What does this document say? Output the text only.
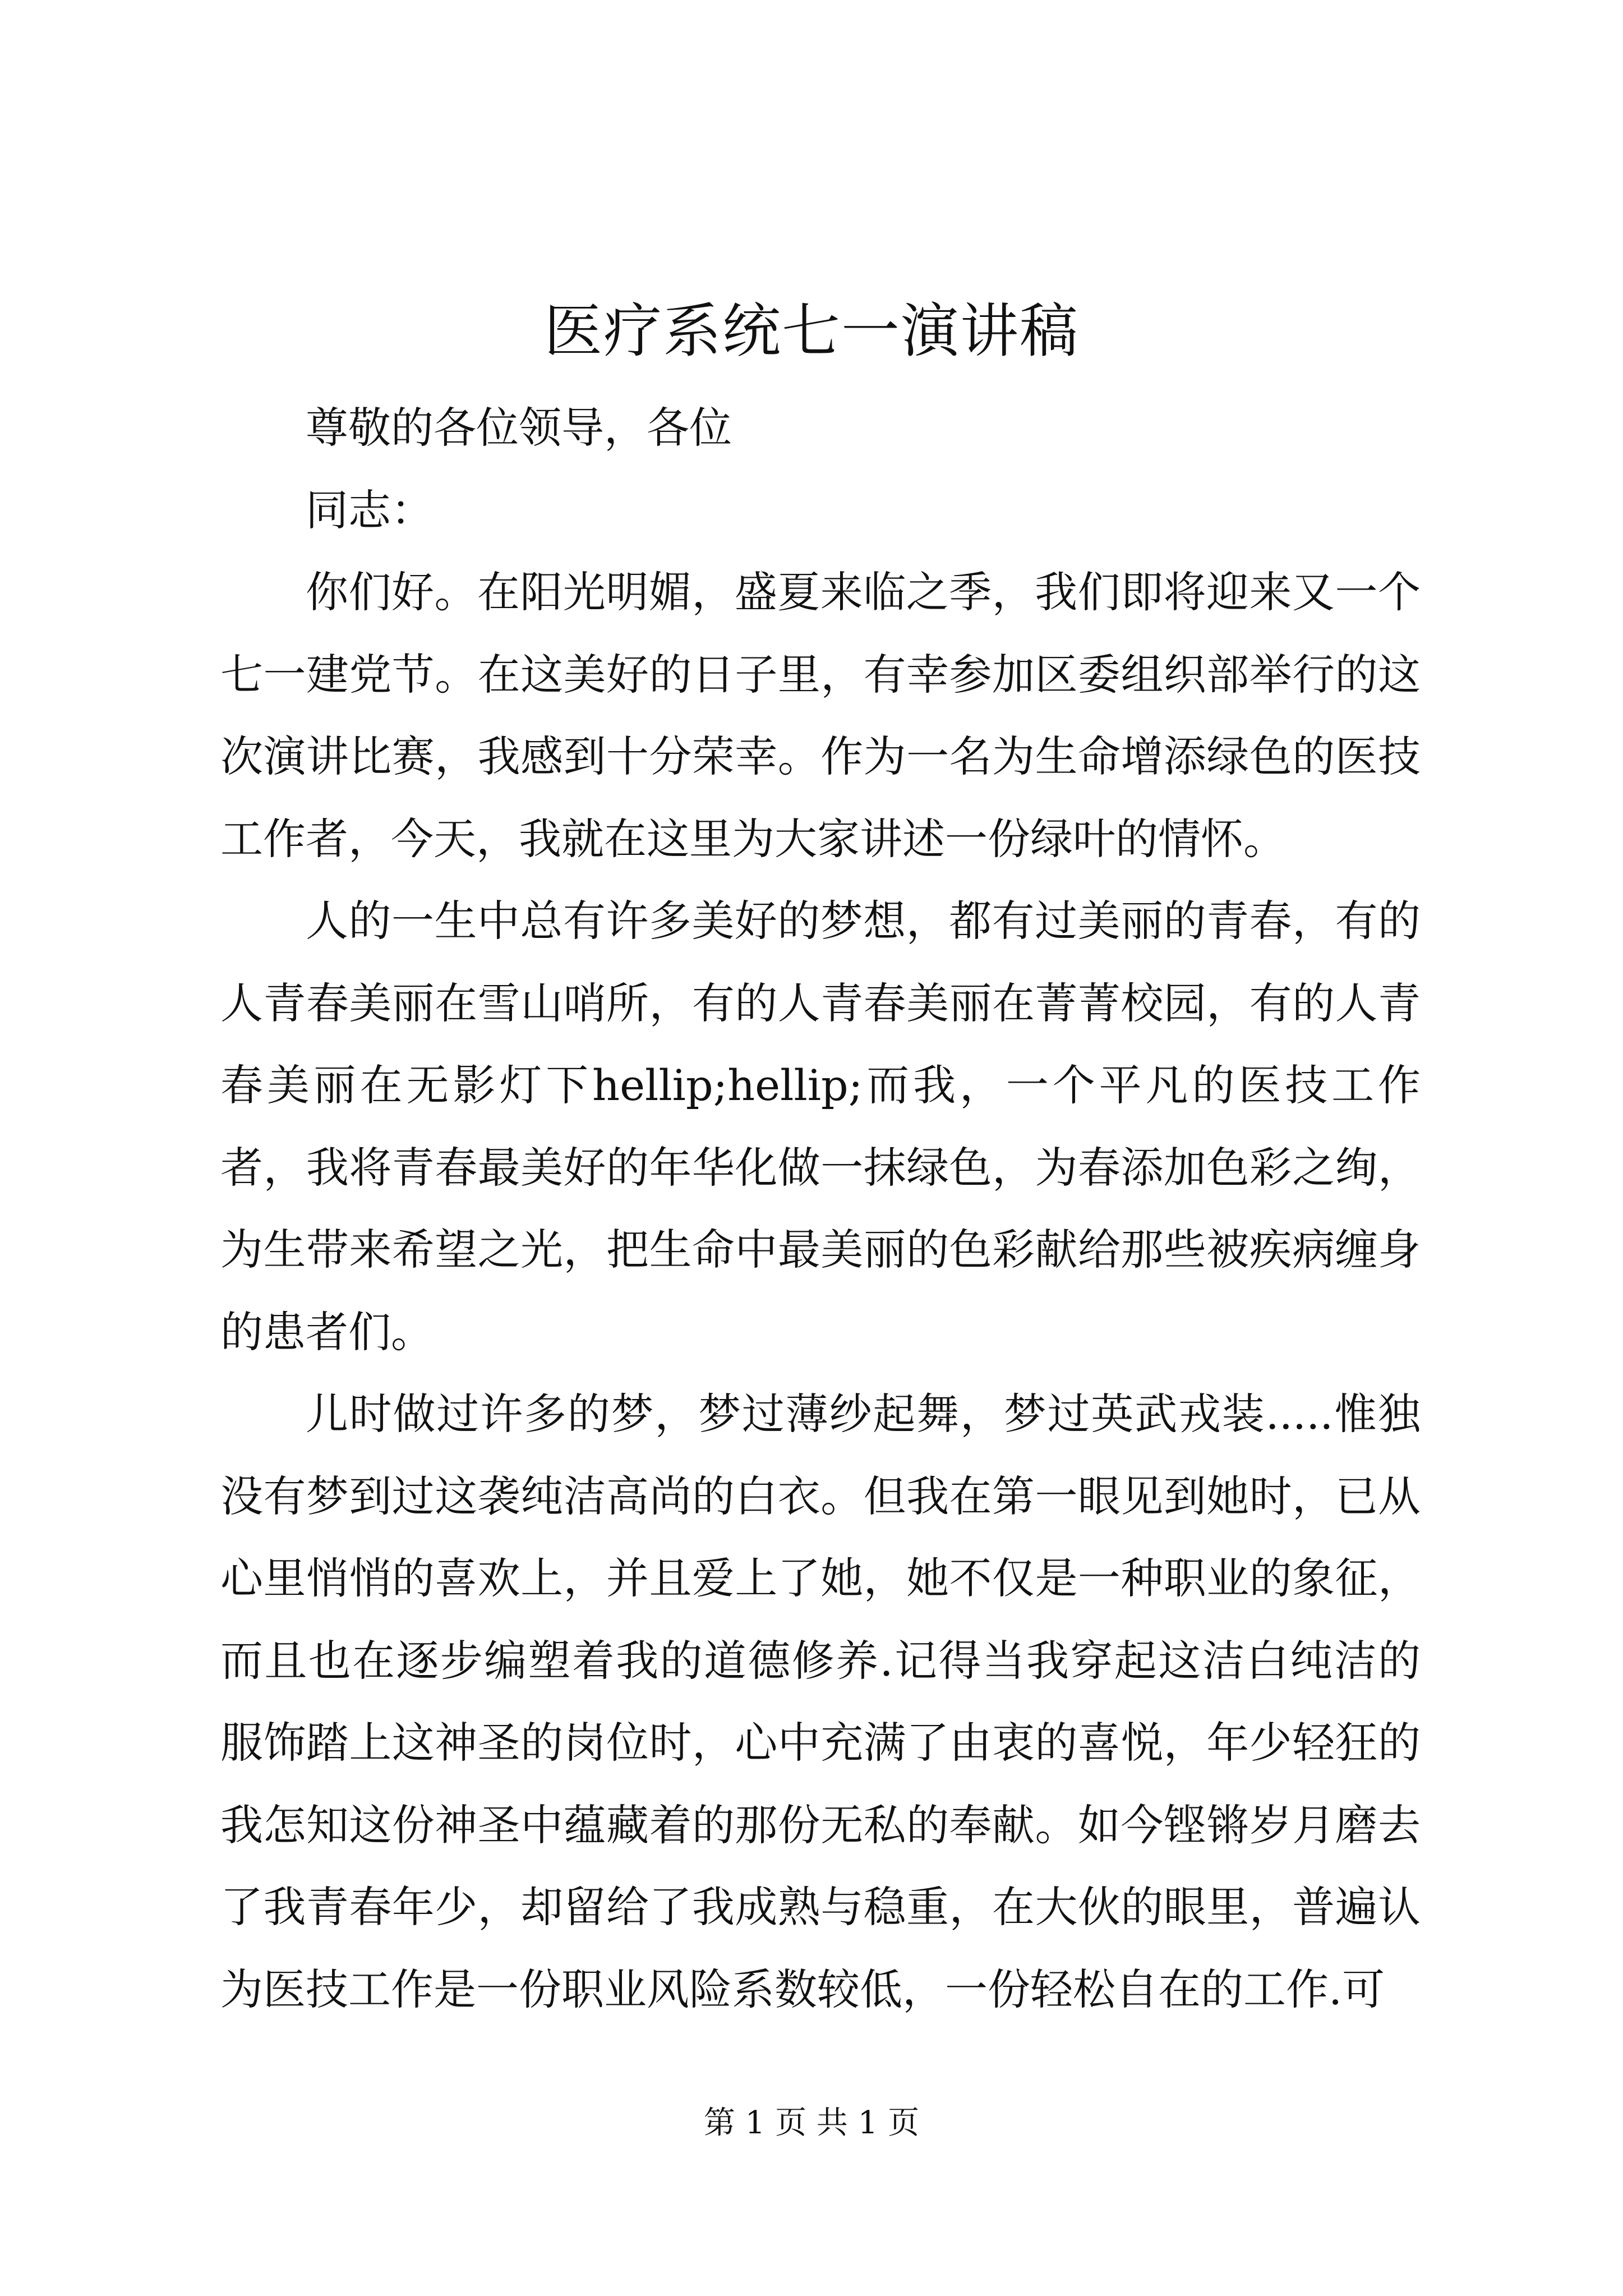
医疗系统七一演讲稿

尊敬的各位领导，各位

同志：

你们好。在阳光明媚，盛夏来临之季，我们即将迎来又一个七一建党节。在这美好的日子里，有幸参加区委组织部举行的这次演讲比赛，我感到十分荣幸。作为一名为生命增添绿色的医技工作者，今天，我就在这里为大家讲述一份绿叶的情怀。

人的一生中总有许多美好的梦想，都有过美丽的青春，有的人青春美丽在雪山哨所，有的人青春美丽在菁菁校园，有的人青春美丽在无影灯下hellip;hellip;而我，一个平凡的医技工作者，我将青春最美好的年华化做一抹绿色，为春添加色彩之绚，为生带来希望之光，把生命中最美丽的色彩献给那些被疾病缠身的患者们。

儿时做过许多的梦，梦过薄纱起舞，梦过英武戎装.....惟独没有梦到过这袭纯洁高尚的白衣。但我在第一眼见到她时，已从心里悄悄的喜欢上，并且爱上了她，她不仅是一种职业的象征，而且也在逐步编塑着我的道德修养.记得当我穿起这洁白纯洁的服饰踏上这神圣的岗位时，心中充满了由衷的喜悦，年少轻狂的我怎知这份神圣中蕴藏着的那份无私的奉献。如今铿锵岁月磨去了我青春年少，却留给了我成熟与稳重，在大伙的眼里，普遍认为医技工作是一份职业风险系数较低，一份轻松自在的工作.可

第 1 页 共 1 页
